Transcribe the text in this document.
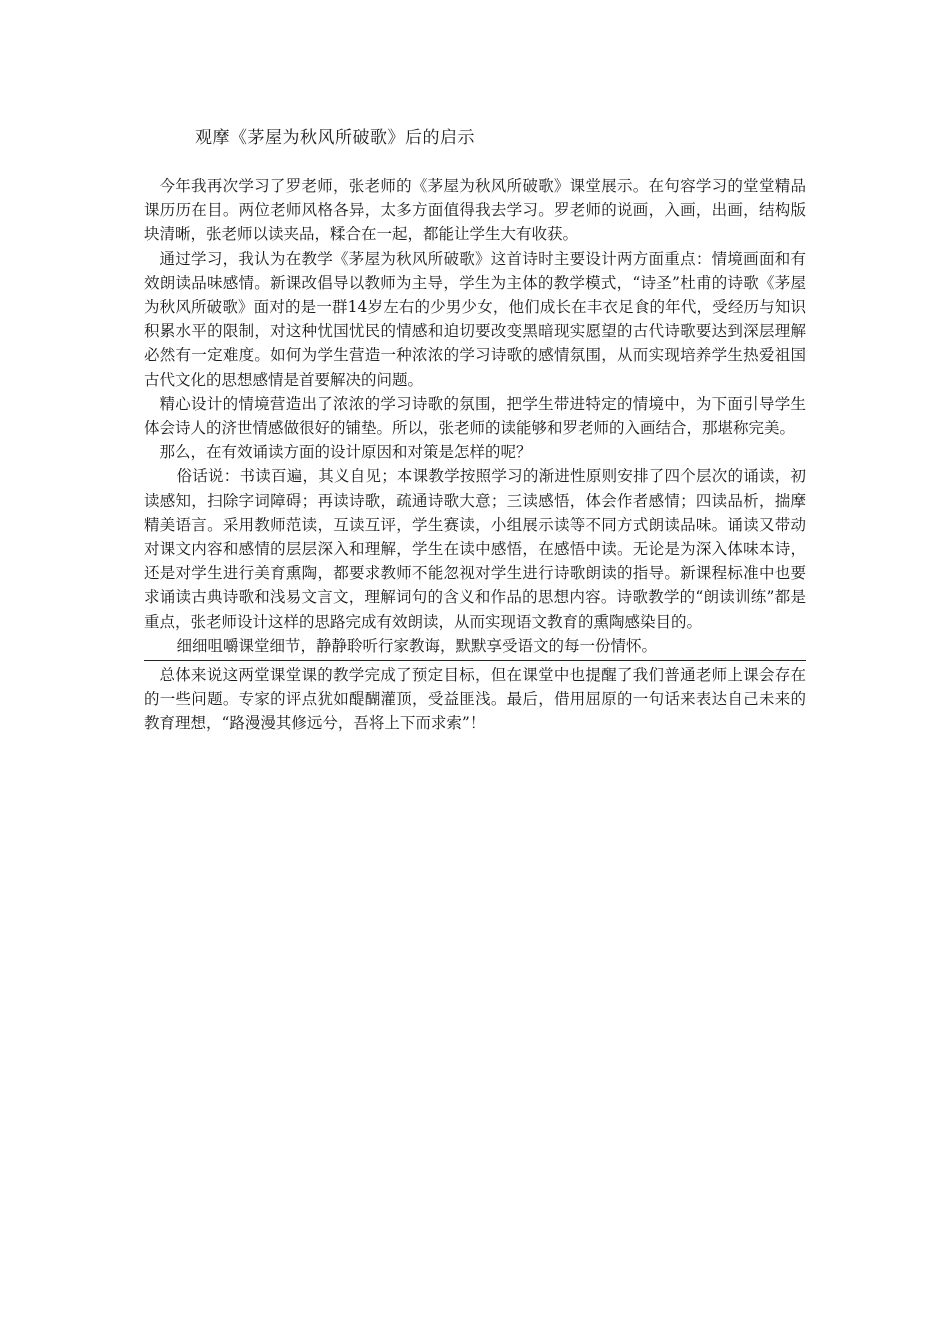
观摩《茅屋为秋风所破歌》后的启示

今年我再次学习了罗老师，张老师的《茅屋为秋风所破歌》课堂展示。在句容学习的堂堂精品课历历在目。两位老师风格各异，太多方面值得我去学习。罗老师的说画，入画，出画，结构版块清晰，张老师以读夹品，糅合在一起，都能让学生大有收获。

通过学习，我认为在教学《茅屋为秋风所破歌》这首诗时主要设计两方面重点：情境画面和有效朗读品味感情。新课改倡导以教师为主导，学生为主体的教学模式，“诗圣”杜甫的诗歌《茅屋为秋风所破歌》面对的是一群14岁左右的少男少女，他们成长在丰衣足食的年代，受经历与知识积累水平的限制，对这种忧国忧民的情感和迫切要改变黑暗现实愿望的古代诗歌要达到深层理解必然有一定难度。如何为学生营造一种浓浓的学习诗歌的感情氛围，从而实现培养学生热爱祖国古代文化的思想感情是首要解决的问题。

精心设计的情境营造出了浓浓的学习诗歌的氛围，把学生带进特定的情境中，为下面引导学生体会诗人的济世情感做很好的铺垫。所以，张老师的读能够和罗老师的入画结合，那堪称完美。

那么，在有效诵读方面的设计原因和对策是怎样的呢？

俗话说：书读百遍，其义自见；本课教学按照学习的渐进性原则安排了四个层次的诵读，初读感知，扫除字词障碍；再读诗歌，疏通诗歌大意；三读感悟，体会作者感情；四读品析，揣摩精美语言。采用教师范读，互读互评，学生赛读，小组展示读等不同方式朗读品味。诵读又带动对课文内容和感情的层层深入和理解，学生在读中感悟，在感悟中读。无论是为深入体味本诗，还是对学生进行美育熏陶，都要求教师不能忽视对学生进行诗歌朗读的指导。新课程标准中也要求诵读古典诗歌和浅易文言文，理解词句的含义和作品的思想内容。诗歌教学的“朗读训练”都是重点，张老师设计这样的思路完成有效朗读，从而实现语文教育的熏陶感染目的。

细细咀嚼课堂细节，静静聆听行家教诲，默默享受语文的每一份情怀。

总体来说这两堂课堂课的教学完成了预定目标，但在课堂中也提醒了我们普通老师上课会存在的一些问题。专家的评点犹如醍醐灌顶，受益匪浅。最后，借用屈原的一句话来表达自己未来的教育理想，“路漫漫其修远兮，吾将上下而求索”！
